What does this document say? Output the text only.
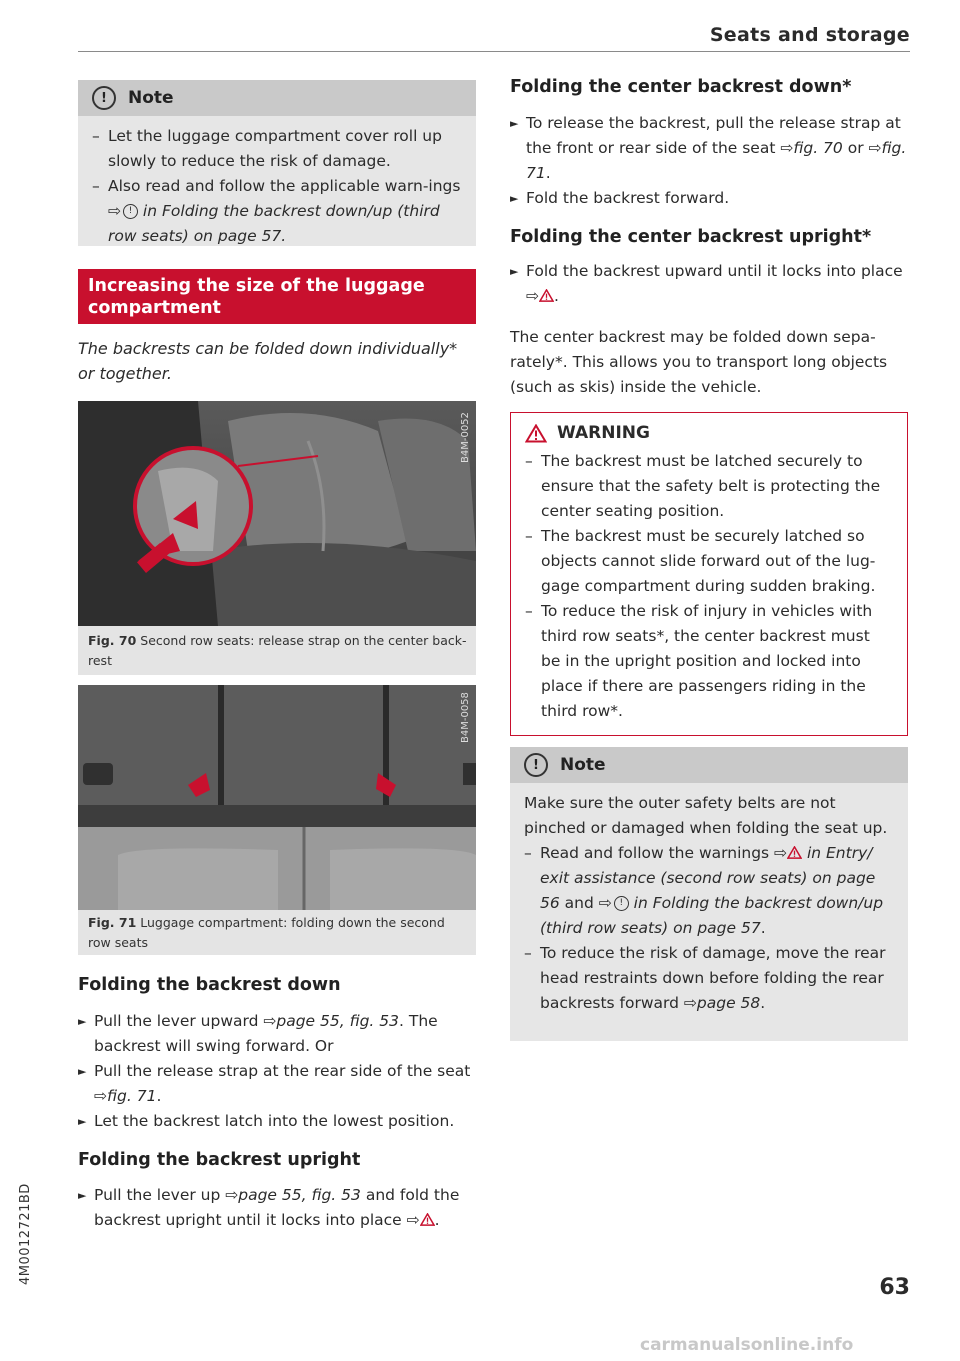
Seats and storage
!	Note
– Let the luggage compartment cover roll up slowly to reduce the risk of damage.
– Also read and follow the applicable warn-ings ⇨ ! in Folding the backrest down/up (third row seats) on page 57.
Increasing the size of the luggage compartment
The backrests can be folded down individually* or together.
B4M-0052
Fig. 70 Second row seats: release strap on the center back-rest
B4M-0058
Fig. 71 Luggage compartment: folding down the second row seats
Folding the backrest down
► Pull the lever upward ⇨page 55, fig. 53. The backrest will swing forward. Or
► Pull the release strap at the rear side of the seat ⇨fig. 71.
► Let the backrest latch into the lowest position.
Folding the backrest upright
► Pull the lever up ⇨page 55, fig. 53 and fold the backrest upright until it locks into place ⇨ .
Folding the center backrest down*
► To release the backrest, pull the release strap at the front or rear side of the seat ⇨fig. 70 or ⇨fig. 71.
► Fold the backrest forward.
Folding the center backrest upright*
► Fold the backrest upward until it locks into place ⇨ .
The center backrest may be folded down sepa-rately*. This allows you to transport long objects (such as skis) inside the vehicle.
WARNING
– The backrest must be latched securely to ensure that the safety belt is protecting the center seating position.
– The backrest must be securely latched so objects cannot slide forward out of the lug-gage compartment during sudden braking.
– To reduce the risk of injury in vehicles with third row seats*, the center backrest must be in the upright position and locked into place if there are passengers riding in the third row*.
!	Note
Make sure the outer safety belts are not pinched or damaged when folding the seat up.
– Read and follow the warnings ⇨ in Entry/ exit assistance (second row seats) on page 56 and ⇨ ! in Folding the backrest down/up (third row seats) on page 57.
– To reduce the risk of damage, move the rear head restraints down before folding the rear backrests forward ⇨page 58.
4M0012721BD
63
carmanualsonline.info
